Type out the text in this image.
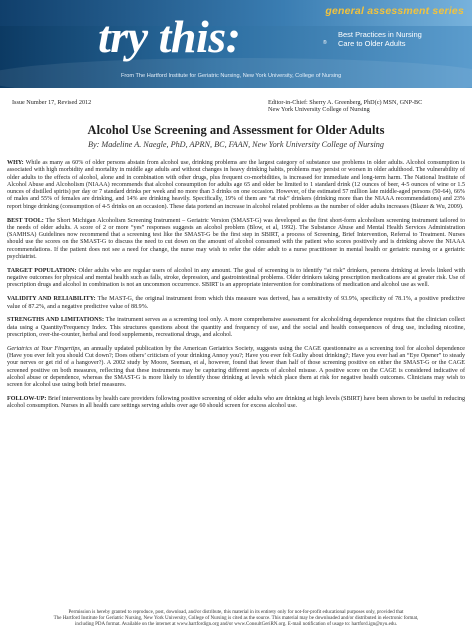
general assessment series
try this:	®
Best Practices in Nursing
Care to Older Adults
From The Hartford Institute for Geriatric Nursing, New York University, College of Nursing
Issue Number 17, Revised 2012	Editor-in-Chief: Sherry A. Greenberg, PhD(c) MSN, GNP-BC
New York University College of Nursing
Alcohol Use Screening and Assessment for Older Adults
By: Madeline A. Naegle, PhD, APRN, BC, FAAN, New York University College of Nursing

WHY: While as many as 60% of older persons abstain from alcohol use, drinking problems are the largest category of substance use problems in older adults. Alcohol consumption is associated with high morbidity and mortality in middle age adults and without changes in heavy drinking habits, problems may persist or worsen in older adulthood. The vulnerability of older adults to the effects of alcohol, alone and in combination with other drugs, plus frequent co-morbidities, is increased for immediate and long-term harm. The National Institute of Alcohol Abuse and Alcoholism (NIAAA) recommends that alcohol consumption for adults age 65 and older be limited to 1 standard drink (12 ounces of beer, 4-5 ounces of wine or 1.5 ounces of distilled spirits) per day or 7 standard drinks per week and no more than 3 drinks on one occasion. However, of the estimated 57 million late middle-aged persons (50-64), 66% of males and 55% of females are drinking, and 14% are drinking heavily. Specifically, 19% of them are “at risk” drinkers (drinking more than the NIAAA recommendations) and 23% report binge drinking (consumption of 4-5 drinks on an occasion). These data portend an increase in alcohol related problems as the number of older adults increases (Blazer & Wu, 2009).

BEST TOOL: The Short Michigan Alcoholism Screening Instrument – Geriatric Version (SMAST-G) was developed as the first short-form alcoholism screening instrument tailored to the needs of older adults. A score of 2 or more “yes” responses suggests an alcohol problem (Blow, et al, 1992). The Substance Abuse and Mental Health Services Administration (SAMHSA) Guidelines now recommend that a screening test like the SMAST-G be the first step in SBIRT, a process of Screening, Brief Intervention, Referral to Treatment. Nurses should use the scores on the SMAST-G to discuss the need to cut down on the amount of alcohol consumed with the patient who scores positively and is drinking above the NIAAA recommendations. If the patient does not see a need for change, the nurse may wish to refer the older adult to a nurse practitioner in mental health or geriatric nursing or a geriatric psychiatrist.

TARGET POPULATION: Older adults who are regular users of alcohol in any amount. The goal of screening is to identify “at risk” drinkers, persons drinking at levels linked with negative outcomes for physical and mental health such as falls, stroke, depression, and gastrointestinal problems. Older drinkers taking prescription medications are at greater risk. Use of prescription drugs and alcohol in combination is not an uncommon occurrence. SBIRT is an appropriate intervention for combinations of medication and alcohol use as well.

VALIDITY AND RELIABILITY: The MAST-G, the original instrument from which this measure was derived, has a sensitivity of 93.9%, specificity of 78.1%, a positive predictive value of 87.2%, and a negative predictive value of 88.9%.

STRENGTHS AND LIMITATIONS: The instrument serves as a screening tool only. A more comprehensive assessment for alcohol/drug dependence requires that the clinician collect data using a Quantity/Frequency Index. This structures questions about the quantity and frequency of use, and the social and health consequences of drug use, including nicotine, prescription, over-the-counter, herbal and food supplements, recreational drugs, and alcohol.

Geriatrics at Your Fingertips, an annually updated publication by the American Geriatrics Society, suggests using the CAGE questionnaire as a screening tool for alcohol dependence (Have you ever felt you should Cut down?; Does others’ criticism of your drinking Annoy you?; Have you ever felt Guilty about drinking?; Have you ever had an “Eye Opener” to steady your nerves or get rid of a hangover?). A 2002 study by Moore, Seeman, et al, however, found that fewer than half of those screening positive on either the SMAST-G or the CAGE screened positive on both measures, reflecting that these instruments may be capturing different aspects of alcohol misuse. A positive score on the CAGE is considered indicative of alcohol abuse or dependence, whereas the SMAST-G is more likely to identify those drinking at levels which place them at risk for negative health outcomes. Clinicians may wish to screen for alcohol use using both brief measures.

FOLLOW-UP: Brief interventions by health care providers following positive screening of older adults who are drinking at high levels (SBIRT) have been shown to be useful in reducing alcohol consumption. Nurses in all health care settings serving adults over age 60 should screen for excess alcohol use.

Permission is hereby granted to reproduce, post, download, and/or distribute, this material in its entirety only for not-for-profit educational purposes only, provided that
The Hartford Institute for Geriatric Nursing, New York University, College of Nursing is cited as the source. This material may be downloaded and/or distributed in electronic format,
including PDA format. Available on the internet at www.hartfordign.org and/or www.ConsultGeriRN.org. E-mail notification of usage to: hartford.ign@nyu.edu.
